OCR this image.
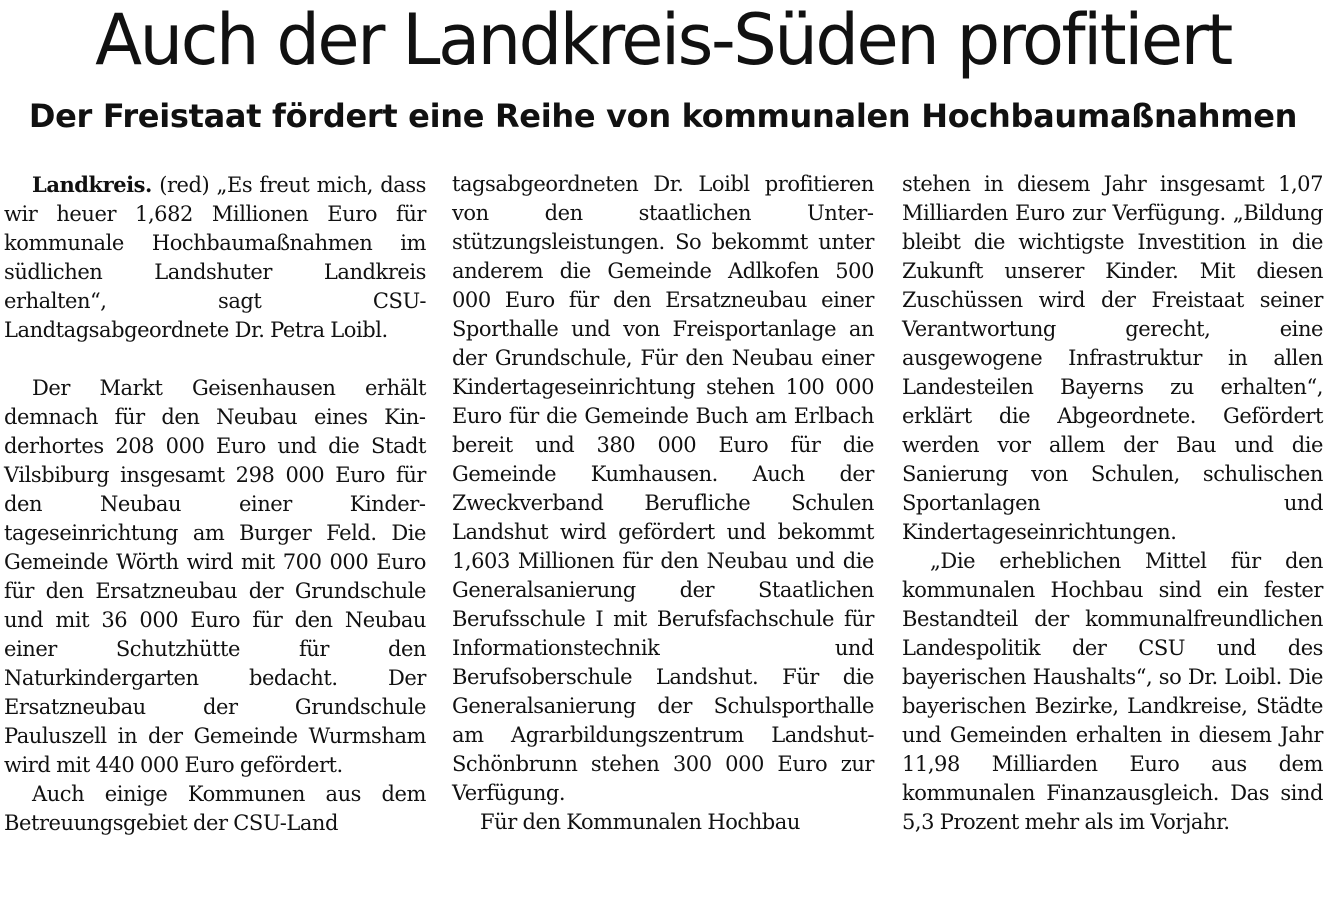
Auch der Landkreis-Süden profitiert
Der Freistaat fördert eine Reihe von kommunalen Hochbaumaßnahmen

Landkreis. (red) „Es freut mich, dass wir heuer 1,682 Millionen Euro für kommunale Hochbaumaßnahmen im südlichen Landshuter Landkreis erhalten“, sagt CSU-Landtagsabgeordnete Dr. Petra Loibl.

Der Markt Geisenhausen erhält demnach für den Neubau eines Kinderhortes 208 000 Euro und die Stadt Vilsbiburg insgesamt 298 000 Euro für den Neubau einer Kindertageseinrichtung am Burger Feld. Die Gemeinde Wörth wird mit 700 000 Euro für den Ersatzneubau der Grundschule und mit 36 000 Euro für den Neubau einer Schutzhütte für den Naturkindergarten bedacht. Der Ersatzneubau der Grundschule Pauluszell in der Gemeinde Wurmsham wird mit 440 000 Euro gefördert.

Auch einige Kommunen aus dem Betreuungsgebiet der CSU-Land

tagsabgeordneten Dr. Loibl profitieren von den staatlichen Unterstützungsleistungen. So bekommt unter anderem die Gemeinde Adlkofen 500 000 Euro für den Ersatzneubau einer Sporthalle und von Freisportanlage an der Grundschule, Für den Neubau einer Kindertageseinrichtung stehen 100 000 Euro für die Gemeinde Buch am Erlbach bereit und 380 000 Euro für die Gemeinde Kumhausen. Auch der Zweckverband Berufliche Schulen Landshut wird gefördert und bekommt 1,603 Millionen für den Neubau und die Generalsanierung der Staatlichen Berufsschule I mit Berufsfachschule für Informationstechnik und Berufsoberschule Landshut. Für die Generalsanierung der Schulsporthalle am Agrarbildungszentrum Landshut-Schönbrunn stehen 300 000 Euro zur Verfügung.

Für den Kommunalen Hochbau

stehen in diesem Jahr insgesamt 1,07 Milliarden Euro zur Verfügung. „Bildung bleibt die wichtigste Investition in die Zukunft unserer Kinder. Mit diesen Zuschüssen wird der Freistaat seiner Verantwortung gerecht, eine ausgewogene Infrastruktur in allen Landesteilen Bayerns zu erhalten“, erklärt die Abgeordnete. Gefördert werden vor allem der Bau und die Sanierung von Schulen, schulischen Sportanlagen und Kindertageseinrichtungen.

„Die erheblichen Mittel für den kommunalen Hochbau sind ein fester Bestandteil der kommunalfreundlichen Landespolitik der CSU und des bayerischen Haushalts“, so Dr. Loibl. Die bayerischen Bezirke, Landkreise, Städte und Gemeinden erhalten in diesem Jahr 11,98 Milliarden Euro aus dem kommunalen Finanzausgleich. Das sind 5,3 Prozent mehr als im Vorjahr.
